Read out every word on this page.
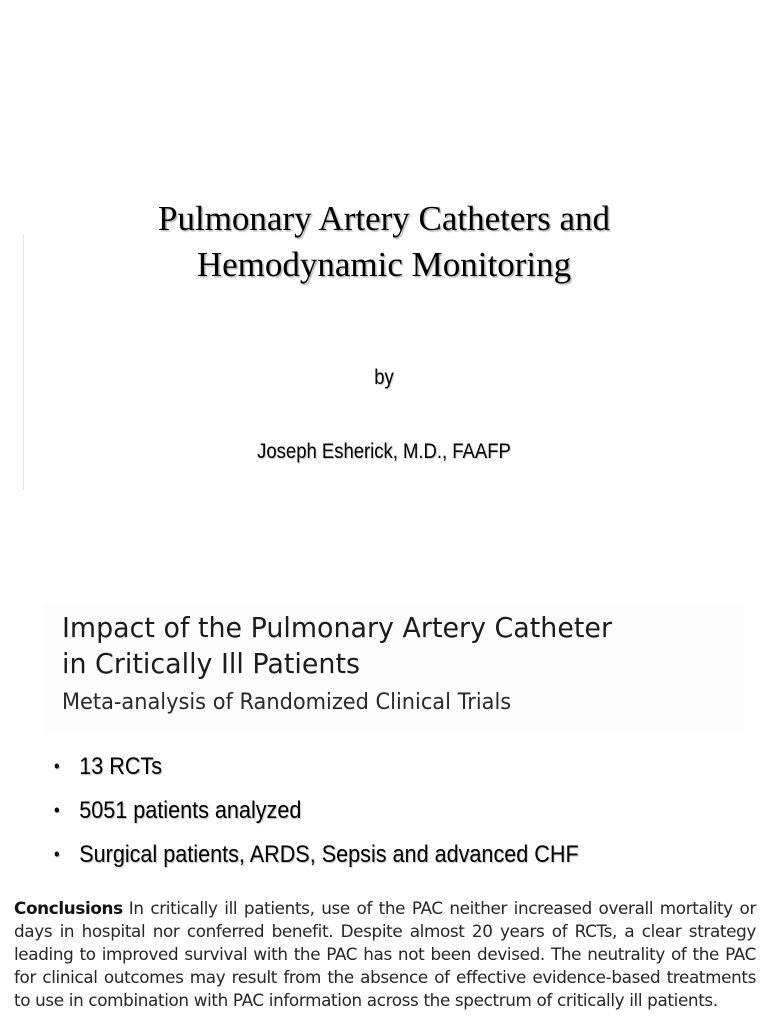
Pulmonary Artery Catheters and
Hemodynamic Monitoring
by
Joseph Esherick, M.D., FAAFP
Impact of the Pulmonary Artery Catheter
in Critically Ill Patients
Meta-analysis of Randomized Clinical Trials
• 13 RCTs
• 5051 patients analyzed
• Surgical patients, ARDS, Sepsis and advanced CHF
Conclusions In critically ill patients, use of the PAC neither increased overall mortality or days in hospital nor conferred benefit. Despite almost 20 years of RCTs, a clear strategy leading to improved survival with the PAC has not been devised. The neutrality of the PAC for clinical outcomes may result from the absence of effective evidence-based treatments to use in combination with PAC information across the spectrum of critically ill patients.
